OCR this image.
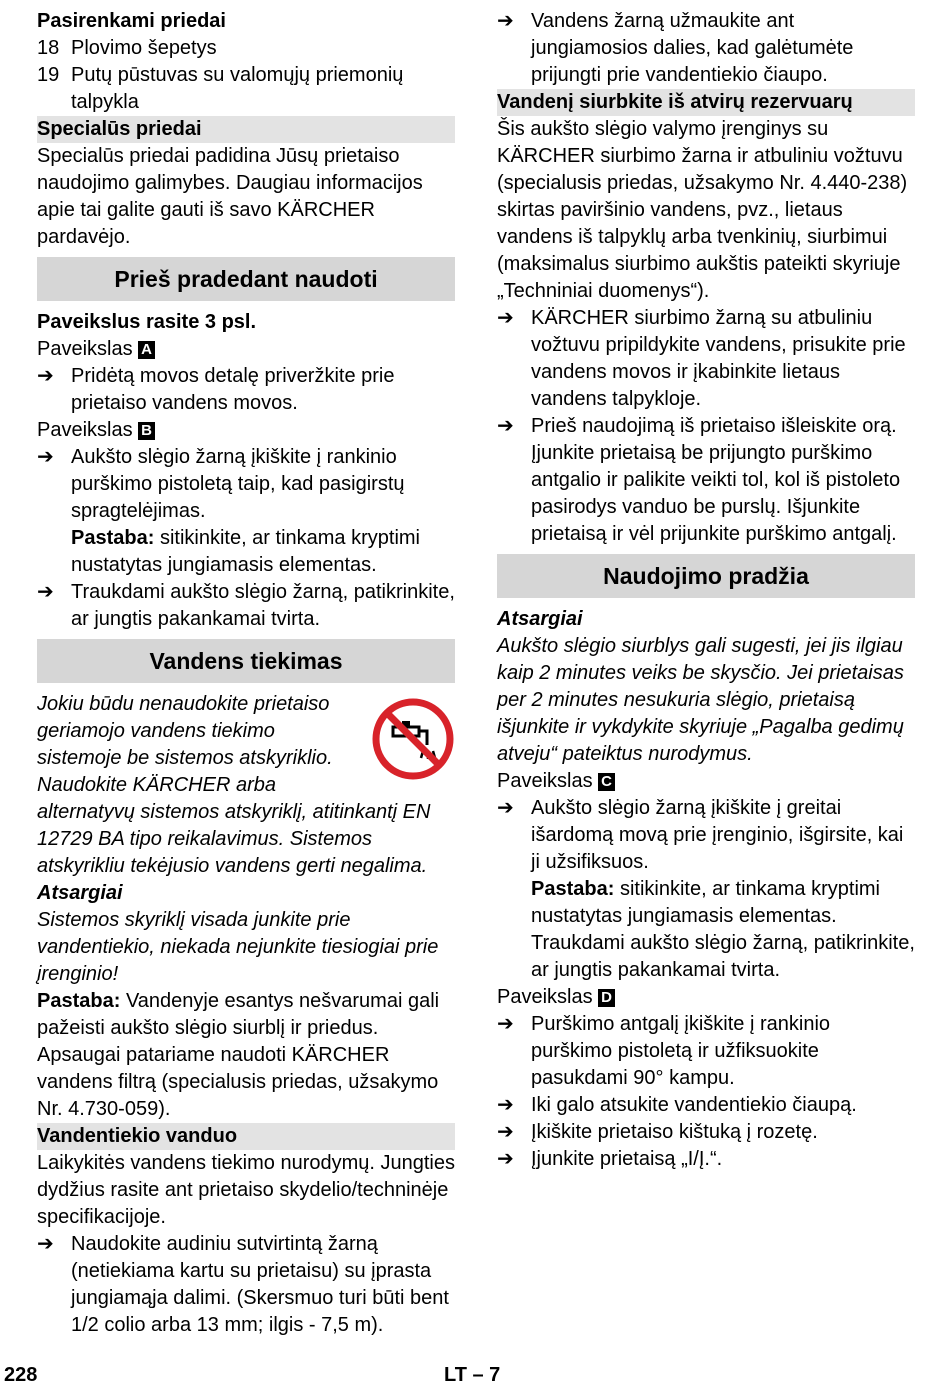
Pasirenkami priedai

18 Plovimo šepetys
19 Putų pūstuvas su valomųjų priemonių talpykla

Specialūs priedai

Specialūs priedai padidina Jūsų prietaiso naudojimo galimybes. Daugiau informacijos apie tai galite gauti iš savo KÄRCHER pardavėjo.

Prieš pradedant naudoti

Paveikslus rasite 3 psl.

Paveikslas A

➔ Pridėtą movos detalę priveržkite prie prietaiso vandens movos.

Paveikslas B

➔ Aukšto slėgio žarną įkiškite į rankinio purškimo pistoletą taip, kad pasigirstų spragtelėjimas.

Pastaba: sitikinkite, ar tinkama kryptimi nustatytas jungiamasis elementas.

➔ Traukdami aukšto slėgio žarną, patikrinkite, ar jungtis pakankamai tvirta.
Vandens tiekimas

Jokiu būdu nenaudokite prietaiso geriamojo vandens tiekimo sistemoje be sistemos atskyriklio. Naudokite KÄRCHER arba alternatyvų sistemos atskyriklį, atitinkantį EN 12729 BA tipo reikalavimus. Sistemos atskyrikliu tekėjusio vandens gerti negalima.

Atsargiai

Sistemos skyriklį visada junkite prie vandentiekio, niekada nejunkite tiesiogiai prie įrenginio!

Pastaba: Vandenyje esantys nešvarumai gali pažeisti aukšto slėgio siurblį ir priedus. Apsaugai patariame naudoti KÄRCHER vandens filtrą (specialusis priedas, užsakymo Nr. 4.730-059).

Vandentiekio vanduo

Laikykitės vandens tiekimo nurodymų. Jungties dydžius rasite ant prietaiso skydelio/techninėje specifikacijoje.

➔ Naudokite audiniu sutvirtintą žarną (netiekiama kartu su prietaisu) su įprasta jungiamąja dalimi. (Skersmuo turi būti bent 1/2 colio arba 13 mm; ilgis - 7,5 m).
➔ Vandens žarną užmaukite ant jungiamosios dalies, kad galėtumėte prijungti prie vandentiekio čiaupo.

Vandenį siurbkite iš atvirų rezervuarų

Šis aukšto slėgio valymo įrenginys su KÄRCHER siurbimo žarna ir atbuliniu vožtuvu (specialusis priedas, užsakymo Nr. 4.440-238) skirtas paviršinio vandens, pvz., lietaus vandens iš talpyklų arba tvenkinių, siurbimui (maksimalus siurbimo aukštis pateikti skyriuje „Techniniai duomenys“).

➔ KÄRCHER siurbimo žarną su atbuliniu vožtuvu pripildykite vandens, prisukite prie vandens movos ir įkabinkite lietaus vandens talpykloje.
➔ Prieš naudojimą iš prietaiso išleiskite orą.

Įjunkite prietaisą be prijungto purškimo antgalio ir palikite veikti tol, kol iš pistoleto pasirodys vanduo be purslų. Išjunkite prietaisą ir vėl prijunkite purškimo antgalį.

Naudojimo pradžia

Atsargiai

Aukšto slėgio siurblys gali sugesti, jei jis ilgiau kaip 2 minutes veiks be skysčio. Jei prietaisas per 2 minutes nesukuria slėgio, prietaisą išjunkite ir vykdykite skyriuje „Pagalba gedimų atveju“ pateiktus nurodymus.

Paveikslas C

➔ Aukšto slėgio žarną įkiškite į greitai išardomą movą prie įrenginio, išgirsite, kai ji užsifiksuos.

Pastaba: sitikinkite, ar tinkama kryptimi nustatytas jungiamasis elementas.

Traukdami aukšto slėgio žarną, patikrinkite, ar jungtis pakankamai tvirta.

Paveikslas D

➔ Purškimo antgalį įkiškite į rankinio purškimo pistoletą ir užfiksuokite pasukdami 90° kampu.
➔ Iki galo atsukite vandentiekio čiaupą.
➔ Įkiškite prietaiso kištuką į rozetę.
➔ Įjunkite prietaisą „I/Į.“.
228	LT – 7
